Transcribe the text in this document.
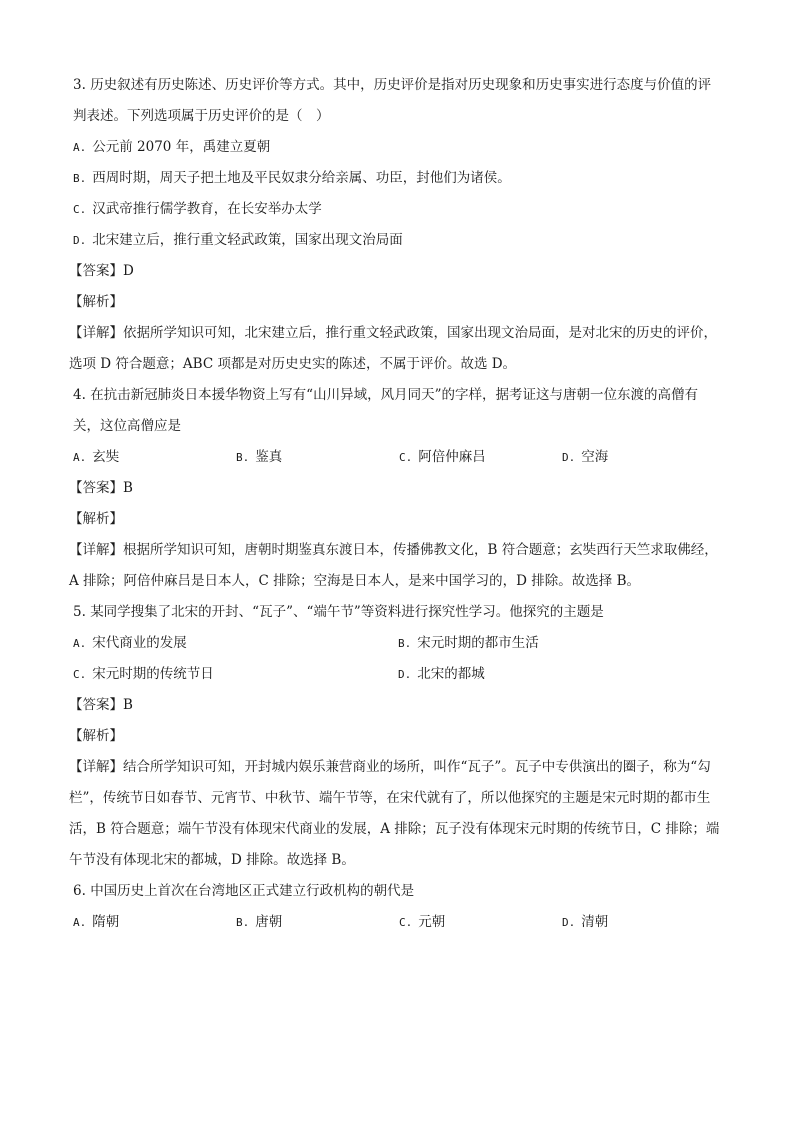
3. 历史叙述有历史陈述、历史评价等方式。其中，历史评价是指对历史现象和历史事实进行态度与价值的评判表述。下列选项属于历史评价的是（　）
A. 公元前 2070 年，禹建立夏朝
B. 西周时期，周天子把土地及平民奴隶分给亲属、功臣，封他们为诸侯。
C. 汉武帝推行儒学教育，在长安举办太学
D. 北宋建立后，推行重文轻武政策，国家出现文治局面
【答案】D
【解析】
【详解】依据所学知识可知，北宋建立后，推行重文轻武政策，国家出现文治局面，是对北宋的历史的评价，选项 D 符合题意；ABC 项都是对历史史实的陈述，不属于评价。故选 D。
4. 在抗击新冠肺炎日本援华物资上写有“山川异域，风月同天”的字样，据考证这与唐朝一位东渡的高僧有关，这位高僧应是
A. 玄奘	B. 鉴真	C. 阿倍仲麻吕	D. 空海
【答案】B
【解析】
【详解】根据所学知识可知，唐朝时期鉴真东渡日本，传播佛教文化，B 符合题意；玄奘西行天竺求取佛经，A 排除；阿倍仲麻吕是日本人，C 排除；空海是日本人，是来中国学习的，D 排除。故选择 B。
5. 某同学搜集了北宋的开封、“瓦子”、“端午节”等资料进行探究性学习。他探究的主题是
A. 宋代商业的发展	B. 宋元时期的都市生活
C. 宋元时期的传统节日	D. 北宋的都城
【答案】B
【解析】
【详解】结合所学知识可知，开封城内娱乐兼营商业的场所，叫作“瓦子”。瓦子中专供演出的圈子，称为“勾栏”，传统节日如春节、元宵节、中秋节、端午节等，在宋代就有了，所以他探究的主题是宋元时期的都市生活，B 符合题意；端午节没有体现宋代商业的发展，A 排除；瓦子没有体现宋元时期的传统节日，C 排除；端午节没有体现北宋的都城，D 排除。故选择 B。
6. 中国历史上首次在台湾地区正式建立行政机构的朝代是
A. 隋朝	B. 唐朝	C. 元朝	D. 清朝
